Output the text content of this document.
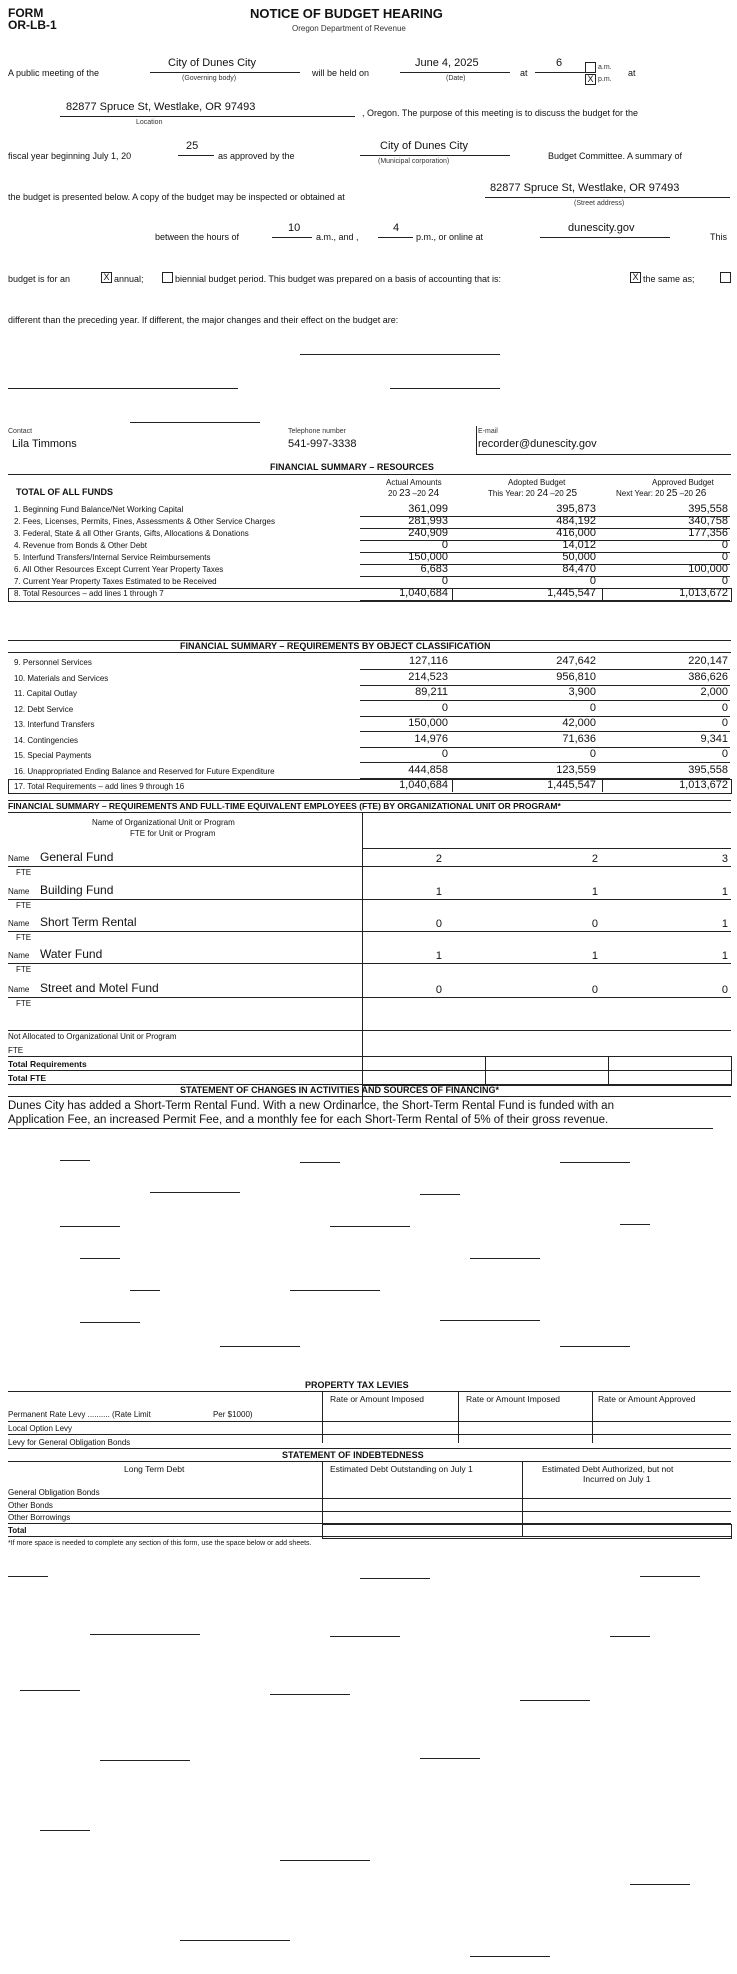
FORM
OR-LB-1
NOTICE OF BUDGET HEARING
Oregon Department of Revenue
A public meeting of the
City of Dunes City
(Governing body)
will be held on
June 4, 2025
(Date)
at
6	a.m.
X p.m.
at
82877 Spruce St, Westlake, OR 97493
Location
, Oregon. The purpose of this meeting is to discuss the budget for the
fiscal year beginning July 1, 20
25
as approved by the
City of Dunes City
(Municipal corporation)
Budget Committee. A summary of
the budget is presented below. A copy of the budget may be inspected or obtained at
82877 Spruce St, Westlake, OR 97493
(Street address)
between the hours of
10
a.m., and ,
4
p.m., or online at
dunescity.gov
This
budget is for an	X annual;	biennial budget period. This budget was prepared on a basis of accounting that is:	X the same as;
different than the preceding year. If different, the major changes and their effect on the budget are:
Contact
Lila Timmons
Telephone number
541-997-3338
E-mail
recorder@dunescity.gov
FINANCIAL SUMMARY – RESOURCES
TOTAL OF ALL FUNDS
Actual Amounts
20 23 –20 24
Adopted Budget
This Year: 20 24 –20 25
Approved Budget
Next Year: 20 25 –20 26
1. Beginning Fund Balance/Net Working Capital	361,099	395,873	395,558
2. Fees, Licenses, Permits, Fines, Assessments & Other Service Charges	281,993	484,192	340,758
3. Federal, State & all Other Grants, Gifts, Allocations & Donations	240,909	416,000	177,356
4. Revenue from Bonds & Other Debt	0	14,012	0
5. Interfund Transfers/Internal Service Reimbursements	150,000	50,000	0
6. All Other Resources Except Current Year Property Taxes	6,683	84,470	100,000
7. Current Year Property Taxes Estimated to be Received	0	0	0
8. Total Resources – add lines 1 through 7	1,040,684	1,445,547	1,013,672
FINANCIAL SUMMARY – REQUIREMENTS BY OBJECT CLASSIFICATION
9. Personnel Services	127,116	247,642	220,147
10. Materials and Services	214,523	956,810	386,626
11. Capital Outlay	89,211	3,900	2,000
12. Debt Service	0	0	0
13. Interfund Transfers	150,000	42,000	0
14. Contingencies	14,976	71,636	9,341
15. Special Payments	0	0	0
16. Unappropriated Ending Balance and Reserved for Future Expenditure	444,858	123,559	395,558
17. Total Requirements – add lines 9 through 16	1,040,684	1,445,547	1,013,672
FINANCIAL SUMMARY – REQUIREMENTS AND FULL-TIME EQUIVALENT EMPLOYEES (FTE) BY ORGANIZATIONAL UNIT OR PROGRAM*
Name of Organizational Unit or Program
FTE for Unit or Program
Name General Fund
FTE
2	2	3
Name Building Fund
FTE
1	1	1
Name Short Term Rental
FTE
0	0	1
Name Water Fund
FTE
1	1	1
Name Street and Motel Fund
FTE
0	0	0
Not Allocated to Organizational Unit or Program
FTE
Total Requirements
Total FTE
STATEMENT OF CHANGES IN ACTIVITIES AND SOURCES OF FINANCING*
Dunes City has added a Short-Term Rental Fund. With a new Ordinance, the Short-Term Rental Fund is funded with an
Application Fee, an increased Permit Fee, and a monthly fee for each Short-Term Rental of 5% of their gross revenue.
PROPERTY TAX LEVIES
Rate or Amount Imposed	Rate or Amount Imposed	Rate or Amount Approved
Permanent Rate Levy .......... (Rate Limit	Per $1000)
Local Option Levy
Levy for General Obligation Bonds
STATEMENT OF INDEBTEDNESS
Long Term Debt	Estimated Debt Outstanding on July 1	Estimated Debt Authorized, but not
Incurred on July 1
General Obligation Bonds
Other Bonds
Other Borrowings
Total
*If more space is needed to complete any section of this form, use the space below or add sheets.
